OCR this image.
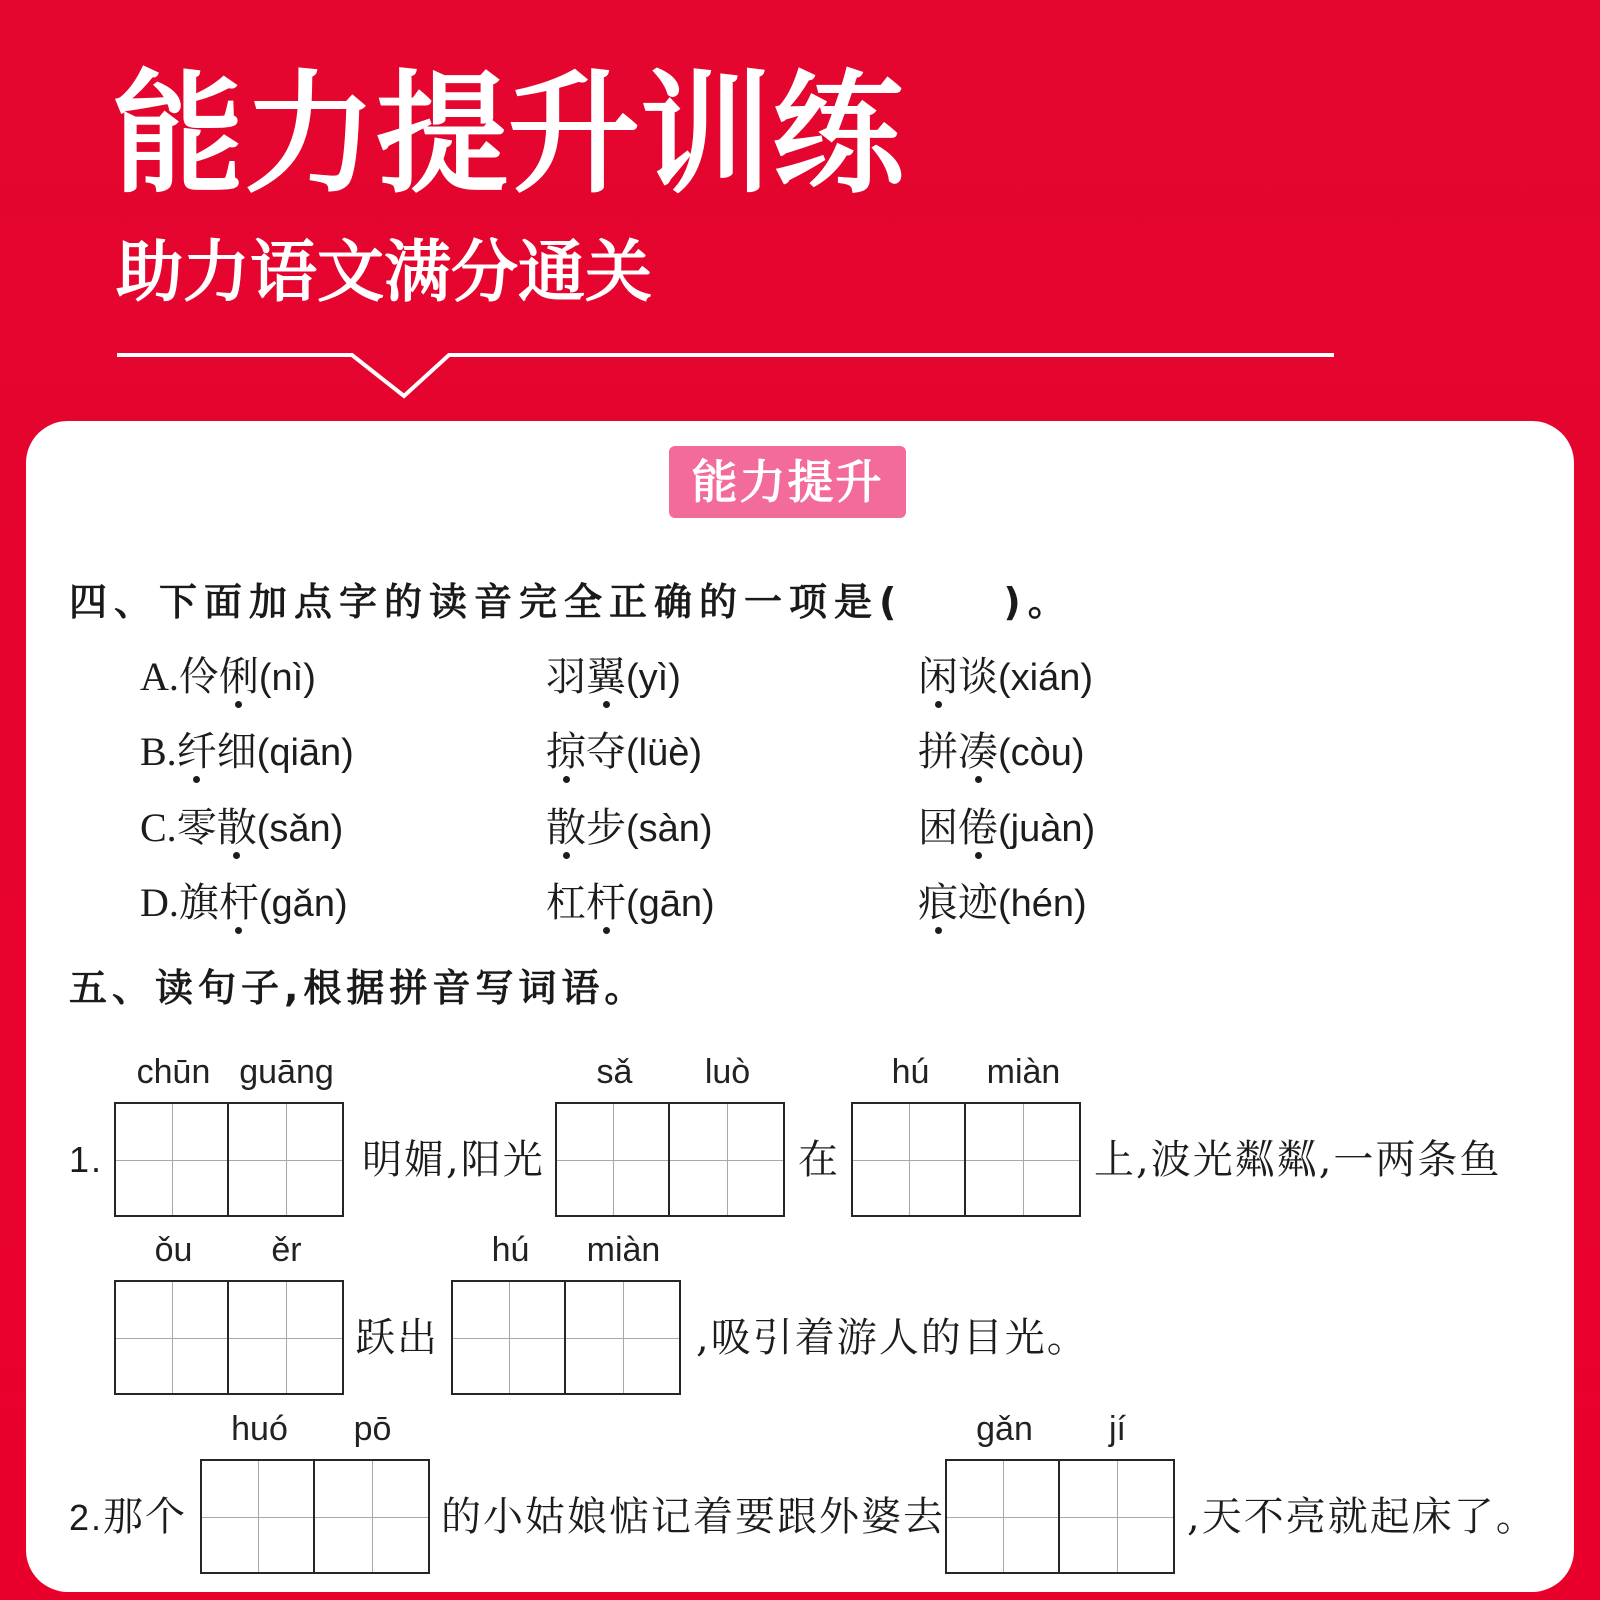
能力提升训练
助力语文满分通关
能力提升
四、下面加点字的读音完全正确的一项是(	)。
A.伶俐(nì)	羽翼(yì)	闲谈(xián)
B.纤细(qiān)	掠夺(lüè)	拼凑(còu)
C.零散(sǎn)	散步(sàn)	困倦(juàn)
D.旗杆(gǎn)	杠杆(gān)	痕迹(hén)
五、读句子,根据拼音写词语。
1.
chūn guāng
明媚,阳光
sǎ	luò
在
hú	miàn
上,波光粼粼,一两条鱼
ǒu	ěr
跃出
hú	miàn
,吸引着游人的目光。
2.那个
huó	pō
的小姑娘惦记着要跟外婆去
gǎn	jí
,天不亮就起床了。
